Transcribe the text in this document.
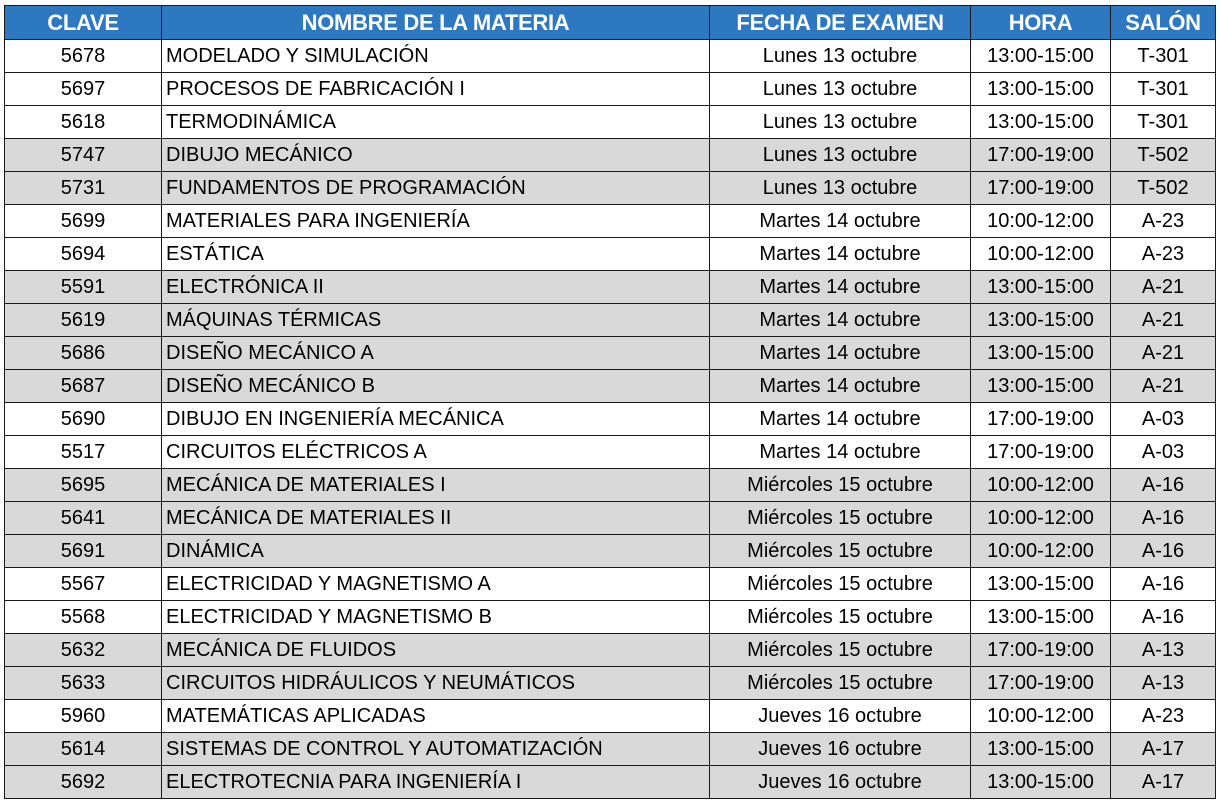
CLAVE	NOMBRE DE LA MATERIA	FECHA DE EXAMEN	HORA	SALÓN
5678	MODELADO Y SIMULACIÓN	Lunes 13 octubre	13:00-15:00	T-301
5697	PROCESOS DE FABRICACIÓN I	Lunes 13 octubre	13:00-15:00	T-301
5618	TERMODINÁMICA	Lunes 13 octubre	13:00-15:00	T-301
5747	DIBUJO MECÁNICO	Lunes 13 octubre	17:00-19:00	T-502
5731	FUNDAMENTOS DE PROGRAMACIÓN	Lunes 13 octubre	17:00-19:00	T-502
5699	MATERIALES PARA INGENIERÍA	Martes 14 octubre	10:00-12:00	A-23
5694	ESTÁTICA	Martes 14 octubre	10:00-12:00	A-23
5591	ELECTRÓNICA II	Martes 14 octubre	13:00-15:00	A-21
5619	MÁQUINAS TÉRMICAS	Martes 14 octubre	13:00-15:00	A-21
5686	DISEÑO MECÁNICO A	Martes 14 octubre	13:00-15:00	A-21
5687	DISEÑO MECÁNICO B	Martes 14 octubre	13:00-15:00	A-21
5690	DIBUJO EN INGENIERÍA MECÁNICA	Martes 14 octubre	17:00-19:00	A-03
5517	CIRCUITOS ELÉCTRICOS A	Martes 14 octubre	17:00-19:00	A-03
5695	MECÁNICA DE MATERIALES I	Miércoles 15 octubre	10:00-12:00	A-16
5641	MECÁNICA DE MATERIALES II	Miércoles 15 octubre	10:00-12:00	A-16
5691	DINÁMICA	Miércoles 15 octubre	10:00-12:00	A-16
5567	ELECTRICIDAD Y MAGNETISMO A	Miércoles 15 octubre	13:00-15:00	A-16
5568	ELECTRICIDAD Y MAGNETISMO B	Miércoles 15 octubre	13:00-15:00	A-16
5632	MECÁNICA DE FLUIDOS	Miércoles 15 octubre	17:00-19:00	A-13
5633	CIRCUITOS HIDRÁULICOS Y NEUMÁTICOS	Miércoles 15 octubre	17:00-19:00	A-13
5960	MATEMÁTICAS APLICADAS	Jueves 16 octubre	10:00-12:00	A-23
5614	SISTEMAS DE CONTROL Y AUTOMATIZACIÓN	Jueves 16 octubre	13:00-15:00	A-17
5692	ELECTROTECNIA PARA INGENIERÍA I	Jueves 16 octubre	13:00-15:00	A-17
